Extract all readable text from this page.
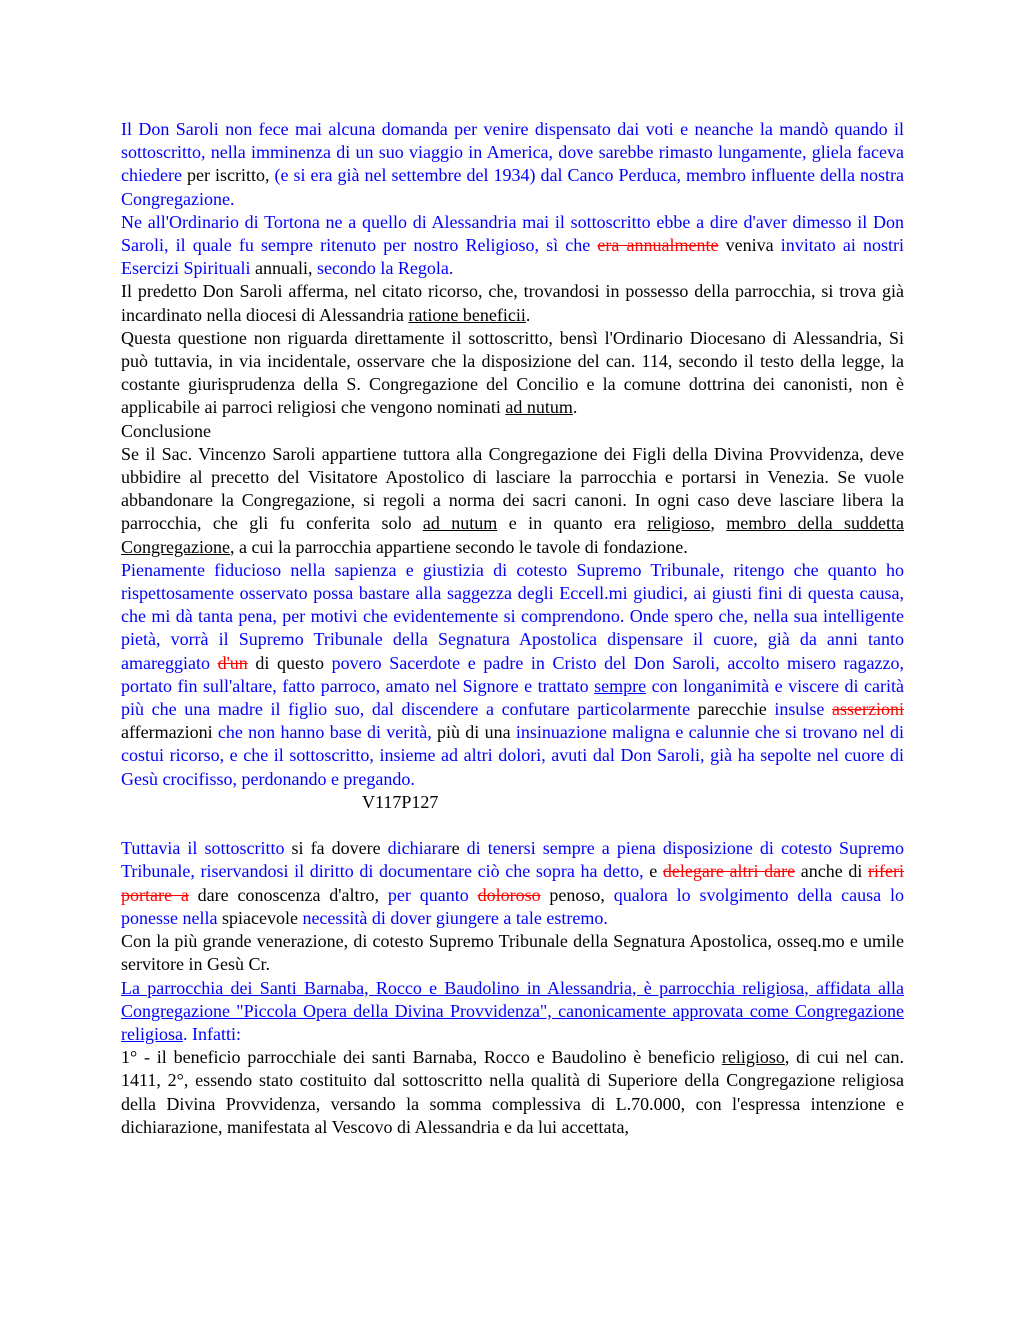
Il Don Saroli non fece mai alcuna domanda per venire dispensato dai voti e neanche la mandò quando il sottoscritto, nella imminenza di un suo viaggio in America, dove sarebbe rimasto lungamente, gliela faceva chiedere per iscritto, (e si era già nel settembre del 1934) dal Canco Perduca, membro influente della nostra Congregazione.

Ne all'Ordinario di Tortona ne a quello di Alessandria mai il sottoscritto ebbe a dire d'aver dimesso il Don Saroli, il quale fu sempre ritenuto per nostro Religioso, sì che era annualmente veniva invitato ai nostri Esercizi Spirituali annuali, secondo la Regola.

Il predetto Don Saroli afferma, nel citato ricorso, che, trovandosi in possesso della parrocchia, si trova già incardinato nella diocesi di Alessandria ratione beneficii.

Questa questione non riguarda direttamente il sottoscritto, bensì l'Ordinario Diocesano di Alessandria, Si può tuttavia, in via incidentale, osservare che la disposizione del can. 114, secondo il testo della legge, la costante giurisprudenza della S. Congregazione del Concilio e la comune dottrina dei canonisti, non è applicabile ai parroci religiosi che vengono nominati ad nutum.

Conclusione

Se il Sac. Vincenzo Saroli appartiene tuttora alla Congregazione dei Figli della Divina Provvidenza, deve ubbidire al precetto del Visitatore Apostolico di lasciare la parrocchia e portarsi in Venezia. Se vuole abbandonare la Congregazione, si regoli a norma dei sacri canoni. In ogni caso deve lasciare libera la parrocchia, che gli fu conferita solo ad nutum e in quanto era religioso, membro della suddetta Congregazione, a cui la parrocchia appartiene secondo le tavole di fondazione.

Pienamente fiducioso nella sapienza e giustizia di cotesto Supremo Tribunale, ritengo che quanto ho rispettosamente osservato possa bastare alla saggezza degli Eccell.mi giudici, ai giusti fini di questa causa, che mi dà tanta pena, per motivi che evidentemente si comprendono. Onde spero che, nella sua intelligente pietà, vorrà il Supremo Tribunale della Segnatura Apostolica dispensare il cuore, già da anni tanto amareggiato d'un di questo povero Sacerdote e padre in Cristo del Don Saroli, accolto misero ragazzo, portato fin sull'altare, fatto parroco, amato nel Signore e trattato sempre con longanimità e viscere di carità più che una madre il figlio suo, dal discendere a confutare particolarmente parecchie insulse asserzioni affermazioni che non hanno base di verità, più di una insinuazione maligna e calunnie che si trovano nel di costui ricorso, e che il sottoscritto, insieme ad altri dolori, avuti dal Don Saroli, già ha sepolte nel cuore di Gesù crocifisso, perdonando e pregando.

V117P127

Tuttavia il sottoscritto si fa dovere dichiarare di tenersi sempre a piena disposizione di cotesto Supremo Tribunale, riservandosi il diritto di documentare ciò che sopra ha detto, e delegare altri dare anche di riferi portare a dare conoscenza d'altro, per quanto doloroso penoso, qualora lo svolgimento della causa lo ponesse nella spiacevole necessità di dover giungere a tale estremo.

Con la più grande venerazione, di cotesto Supremo Tribunale della Segnatura Apostolica, osseq.mo e umile servitore in Gesù Cr.

La parrocchia dei Santi Barnaba, Rocco e Baudolino in Alessandria, è parrocchia religiosa, affidata alla Congregazione "Piccola Opera della Divina Provvidenza", canonicamente approvata come Congregazione religiosa. Infatti:

1° - il beneficio parrocchiale dei santi Barnaba, Rocco e Baudolino è beneficio religioso, di cui nel can. 1411, 2°, essendo stato costituito dal sottoscritto nella qualità di Superiore della Congregazione religiosa della Divina Provvidenza, versando la somma complessiva di L.70.000, con l'espressa intenzione e dichiarazione, manifestata al Vescovo di Alessandria e da lui accettata,
